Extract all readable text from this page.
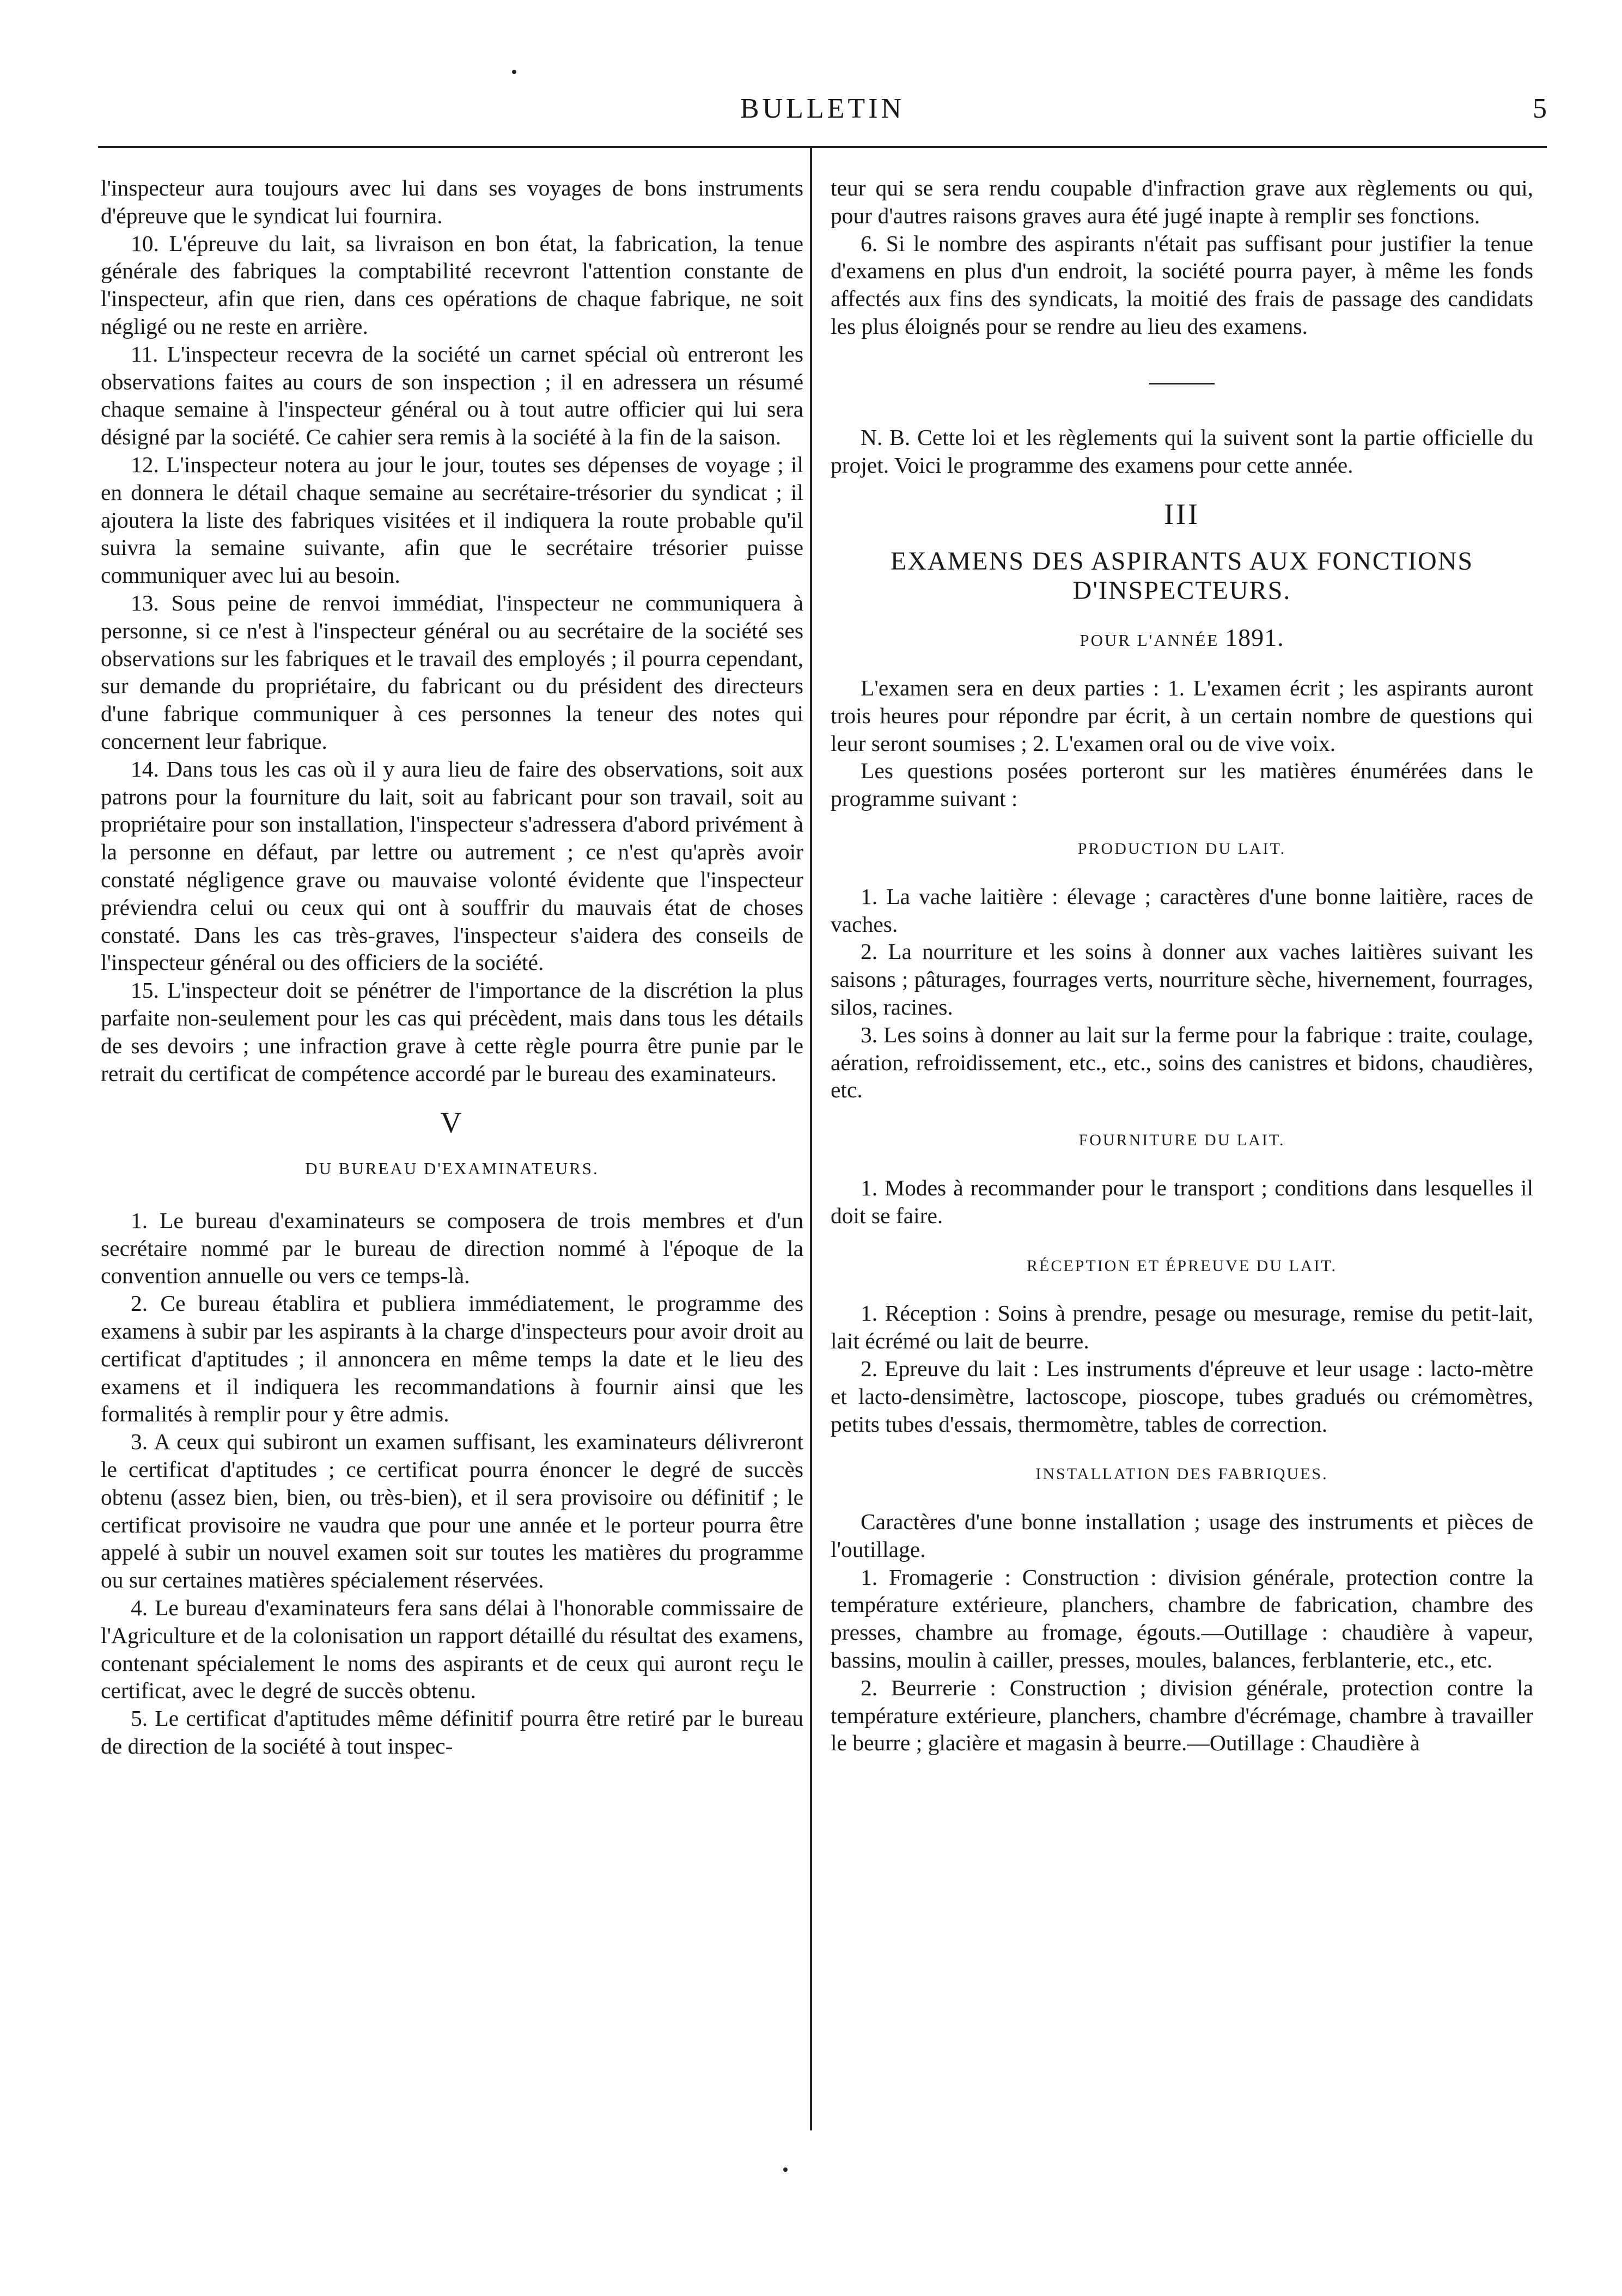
BULLETIN	5

l'inspecteur aura toujours avec lui dans ses voyages de bons instruments d'épreuve que le syndicat lui fournira.

10. L'épreuve du lait, sa livraison en bon état, la fabrication, la tenue générale des fabriques la comptabilité recevront l'attention constante de l'inspecteur, afin que rien, dans ces opérations de chaque fabrique, ne soit négligé ou ne reste en arrière.

11. L'inspecteur recevra de la société un carnet spécial où entreront les observations faites au cours de son inspection ; il en adressera un résumé chaque semaine à l'inspecteur général ou à tout autre officier qui lui sera désigné par la société. Ce cahier sera remis à la société à la fin de la saison.

12. L'inspecteur notera au jour le jour, toutes ses dépenses de voyage ; il en donnera le détail chaque semaine au secrétaire-trésorier du syndicat ; il ajoutera la liste des fabriques visitées et il indiquera la route probable qu'il suivra la semaine suivante, afin que le secrétaire trésorier puisse communiquer avec lui au besoin.

13. Sous peine de renvoi immédiat, l'inspecteur ne communiquera à personne, si ce n'est à l'inspecteur général ou au secrétaire de la société ses observations sur les fabriques et le travail des employés ; il pourra cependant, sur demande du propriétaire, du fabricant ou du président des directeurs d'une fabrique communiquer à ces personnes la teneur des notes qui concernent leur fabrique.

14. Dans tous les cas où il y aura lieu de faire des observations, soit aux patrons pour la fourniture du lait, soit au fabricant pour son travail, soit au propriétaire pour son installation, l'inspecteur s'adressera d'abord privément à la personne en défaut, par lettre ou autrement ; ce n'est qu'après avoir constaté négligence grave ou mauvaise volonté évidente que l'inspecteur préviendra celui ou ceux qui ont à souffrir du mauvais état de choses constaté. Dans les cas très-graves, l'inspecteur s'aidera des conseils de l'inspecteur général ou des officiers de la société.

15. L'inspecteur doit se pénétrer de l'importance de la discrétion la plus parfaite non-seulement pour les cas qui précèdent, mais dans tous les détails de ses devoirs ; une infraction grave à cette règle pourra être punie par le retrait du certificat de compétence accordé par le bureau des examinateurs.

V
DU BUREAU D'EXAMINATEURS.

1. Le bureau d'examinateurs se composera de trois membres et d'un secrétaire nommé par le bureau de direction nommé à l'époque de la convention annuelle ou vers ce temps-là.

2. Ce bureau établira et publiera immédiatement, le programme des examens à subir par les aspirants à la charge d'inspecteurs pour avoir droit au certificat d'aptitudes ; il annoncera en même temps la date et le lieu des examens et il indiquera les recommandations à fournir ainsi que les formalités à remplir pour y être admis.

3. A ceux qui subiront un examen suffisant, les examinateurs délivreront le certificat d'aptitudes ; ce certificat pourra énoncer le degré de succès obtenu (assez bien, bien, ou très-bien), et il sera provisoire ou définitif ; le certificat provisoire ne vaudra que pour une année et le porteur pourra être appelé à subir un nouvel examen soit sur toutes les matières du programme ou sur certaines matières spécialement réservées.

4. Le bureau d'examinateurs fera sans délai à l'honorable commissaire de l'Agriculture et de la colonisation un rapport détaillé du résultat des examens, contenant spécialement le noms des aspirants et de ceux qui auront reçu le certificat, avec le degré de succès obtenu.

5. Le certificat d'aptitudes même définitif pourra être retiré par le bureau de direction de la société à tout inspec-

teur qui se sera rendu coupable d'infraction grave aux règlements ou qui, pour d'autres raisons graves aura été jugé inapte à remplir ses fonctions.

6. Si le nombre des aspirants n'était pas suffisant pour justifier la tenue d'examens en plus d'un endroit, la société pourra payer, à même les fonds affectés aux fins des syndicats, la moitié des frais de passage des candidats les plus éloignés pour se rendre au lieu des examens.

N. B. Cette loi et les règlements qui la suivent sont la partie officielle du projet. Voici le programme des examens pour cette année.

III
EXAMENS DES ASPIRANTS AUX FONCTIONS D'INSPECTEURS.
POUR L'ANNÉE 1891.

L'examen sera en deux parties : 1. L'examen écrit ; les aspirants auront trois heures pour répondre par écrit, à un certain nombre de questions qui leur seront soumises ; 2. L'examen oral ou de vive voix.

Les questions posées porteront sur les matières énumérées dans le programme suivant :

PRODUCTION DU LAIT.

1. La vache laitière : élevage ; caractères d'une bonne laitière, races de vaches.

2. La nourriture et les soins à donner aux vaches laitières suivant les saisons ; pâturages, fourrages verts, nourriture sèche, hivernement, fourrages, silos, racines.

3. Les soins à donner au lait sur la ferme pour la fabrique : traite, coulage, aération, refroidissement, etc., etc., soins des canistres et bidons, chaudières, etc.

FOURNITURE DU LAIT.

1. Modes à recommander pour le transport ; conditions dans lesquelles il doit se faire.

RÉCEPTION ET ÉPREUVE DU LAIT.

1. Réception : Soins à prendre, pesage ou mesurage, remise du petit-lait, lait écrémé ou lait de beurre.

2. Epreuve du lait : Les instruments d'épreuve et leur usage : lacto-mètre et lacto-densimètre, lactoscope, pioscope, tubes gradués ou crémomètres, petits tubes d'essais, thermomètre, tables de correction.

INSTALLATION DES FABRIQUES.

Caractères d'une bonne installation ; usage des instruments et pièces de l'outillage.

1. Fromagerie : Construction : division générale, protection contre la température extérieure, planchers, chambre de fabrication, chambre des presses, chambre au fromage, égouts.—Outillage : chaudière à vapeur, bassins, moulin à cailler, presses, moules, balances, ferblanterie, etc., etc.

2. Beurrerie : Construction ; division générale, protection contre la température extérieure, planchers, chambre d'écrémage, chambre à travailler le beurre ; glacière et magasin à beurre.—Outillage : Chaudière à
